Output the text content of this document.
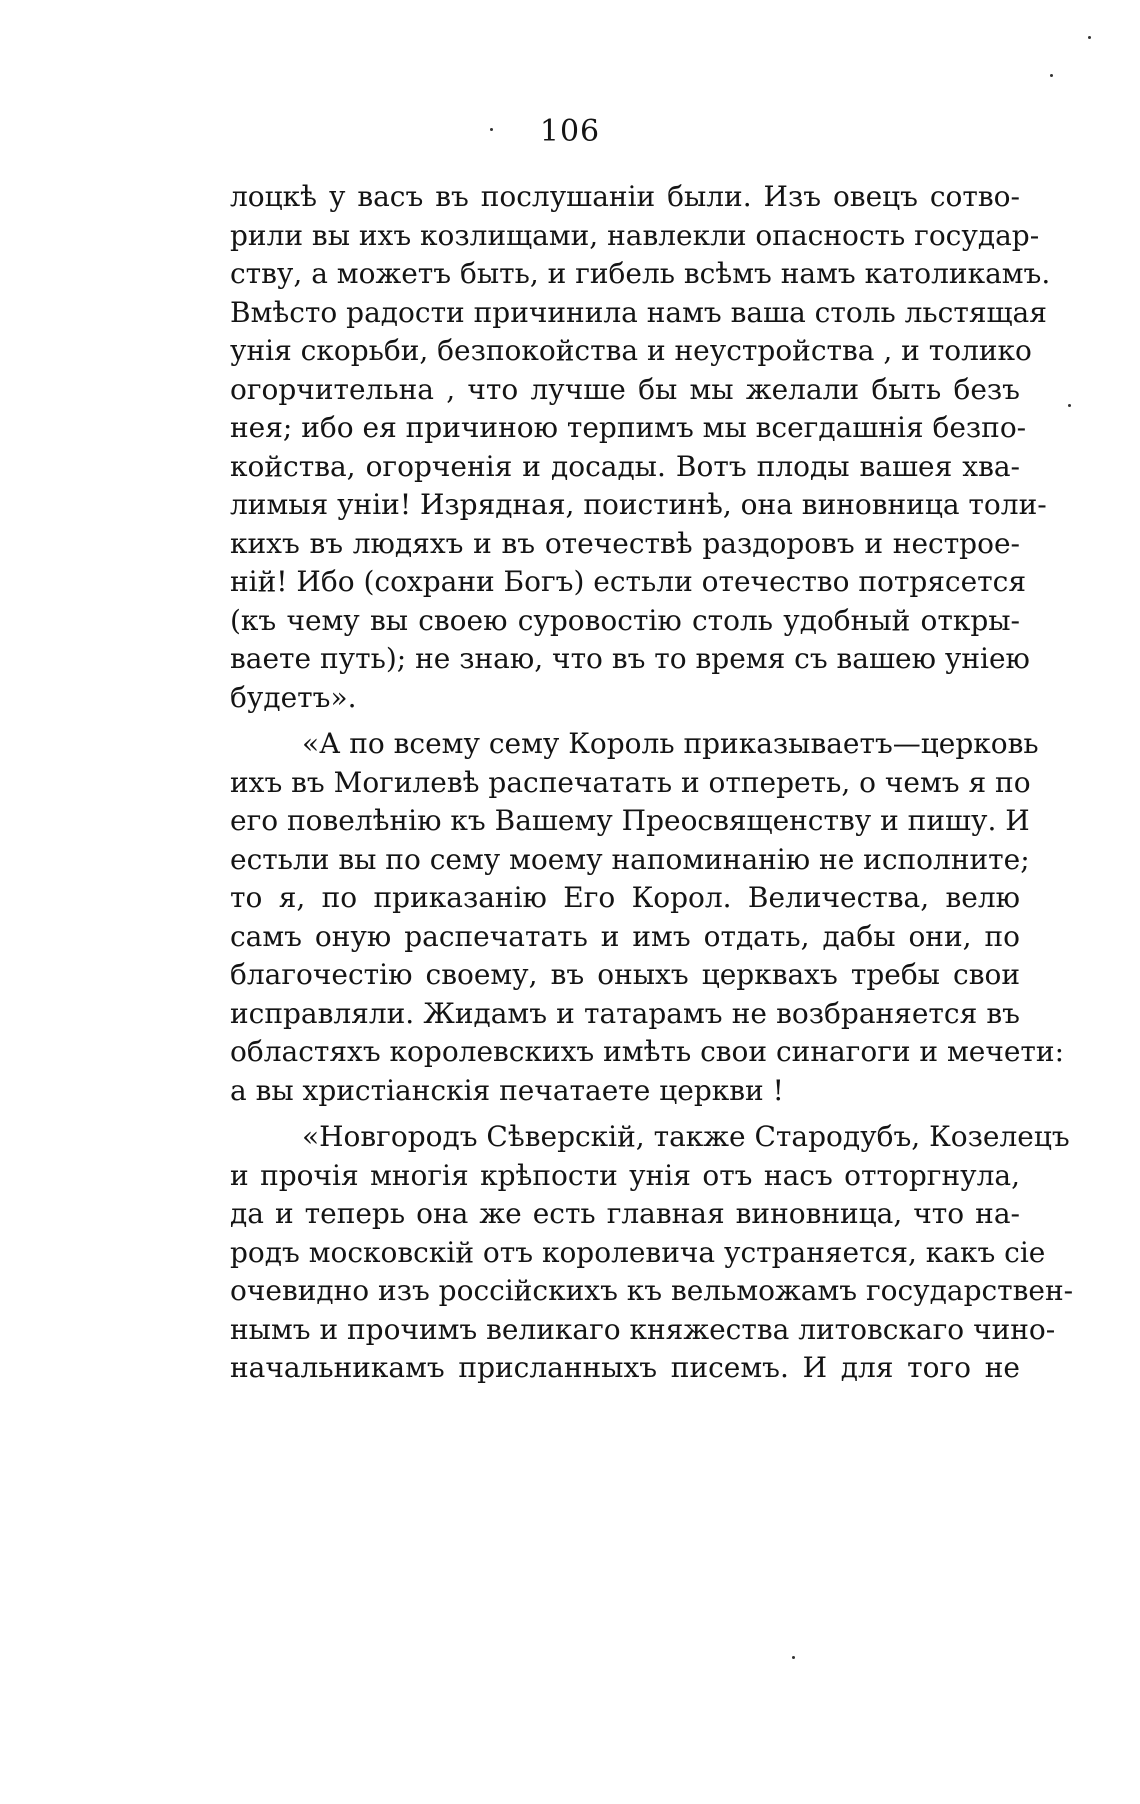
106
лоцкѣ у васъ въ послушанiи были. Изъ овецъ сотво-
рили вы ихъ козлищами, навлекли опасность государ-
ству, а можетъ быть, и гибель всѣмъ намъ католикамъ.
Вмѣсто радости причинила намъ ваша столь льстящая
унiя скорьби, безпокойства и неустройства , и толико
огорчительна , что лучше бы мы желали быть безъ
нея; ибо ея причиною терпимъ мы всегдашнiя безпо-
койства, огорченiя и досады. Вотъ плоды вашея хва-
лимыя унiи! Изрядная, поистинѣ, она виновница толи-
кихъ въ людяхъ и въ отечествѣ раздоровъ и нестрое-
нiй! Ибо (сохрани Богъ) естьли отечество потрясется
(къ чему вы своею суровостiю столь удобный откры-
ваете путь); не знаю, что въ то время съ вашею унiею
будетъ».
«А по всему сему Король приказываетъ—церковь
ихъ въ Могилевѣ распечатать и отпереть, о чемъ я по
его повелѣнiю къ Вашему Преосвященству и пишу. И
естьли вы по сему моему напоминанiю не исполните;
то я, по приказанiю Его Корол. Величества, велю
самъ оную распечатать и имъ отдать, дабы они, по
благочестiю своему, въ оныхъ церквахъ требы свои
исправляли. Жидамъ и татарамъ не возбраняется въ
областяхъ королевскихъ имѣть свои синагоги и мечети:
а вы христiанскiя печатаете церкви !
«Новгородъ Сѣверскiй, также Стародубъ, Козелецъ
и прочiя многiя крѣпости унiя отъ насъ отторгнула,
да и теперь она же есть главная виновница, что на-
родъ московскiй отъ королевича устраняется, какъ сiе
очевидно изъ россiйскихъ къ вельможамъ государствен-
нымъ и прочимъ великаго княжества литовскаго чино-
начальникамъ присланныхъ писемъ. И для того не
